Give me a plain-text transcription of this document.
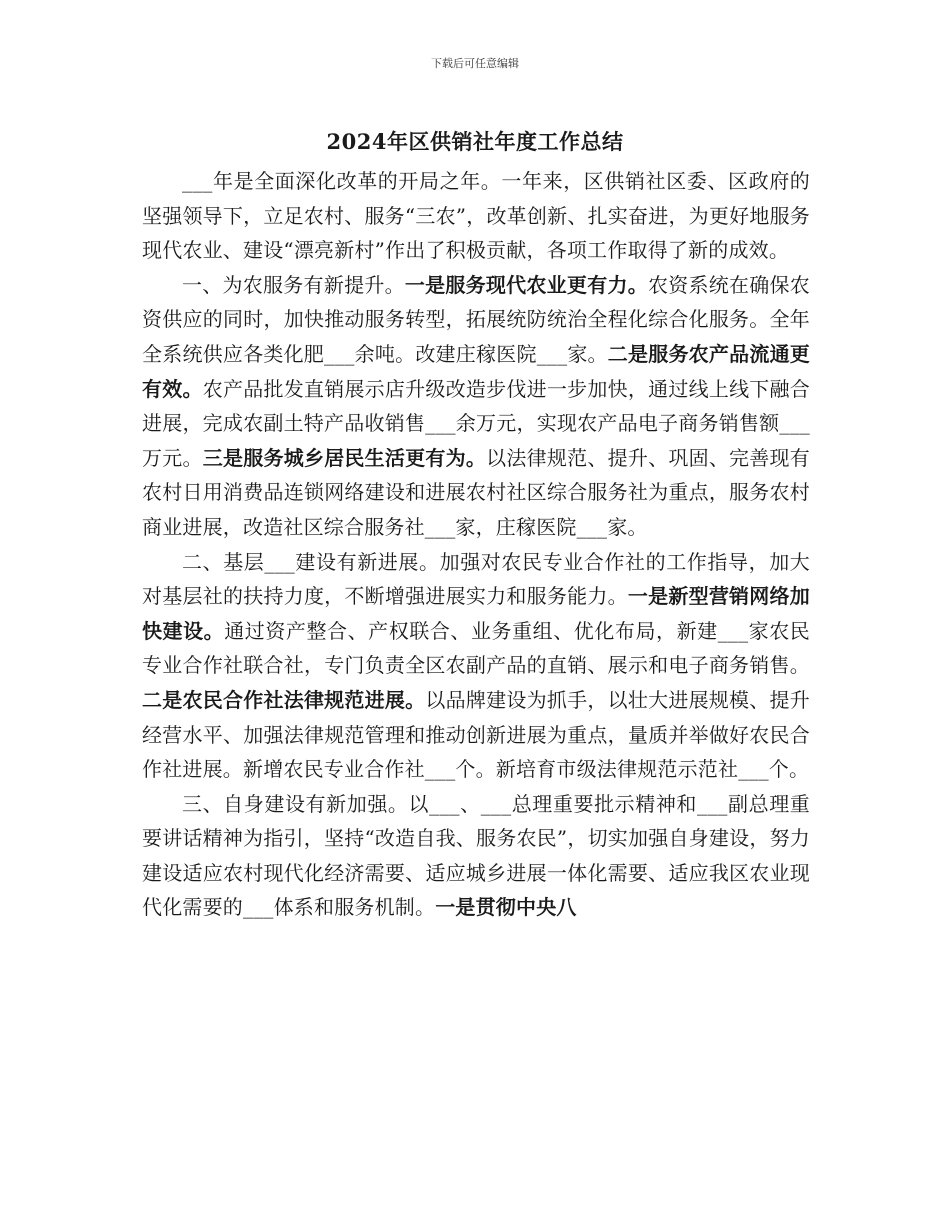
下载后可任意编辑
2024年区供销社年度工作总结

___年是全面深化改革的开局之年。一年来，区供销社区委、区政府的坚强领导下，立足农村、服务“三农”，改革创新、扎实奋进，为更好地服务现代农业、建设“漂亮新村”作出了积极贡献，各项工作取得了新的成效。

一、为农服务有新提升。一是服务现代农业更有力。农资系统在确保农资供应的同时，加快推动服务转型，拓展统防统治全程化综合化服务。全年全系统供应各类化肥___余吨。改建庄稼医院___家。二是服务农产品流通更有效。农产品批发直销展示店升级改造步伐进一步加快，通过线上线下融合进展，完成农副土特产品收销售___余万元，实现农产品电子商务销售额___万元。三是服务城乡居民生活更有为。以法律规范、提升、巩固、完善现有农村日用消费品连锁网络建设和进展农村社区综合服务社为重点，服务农村商业进展，改造社区综合服务社___家，庄稼医院___家。

二、基层___建设有新进展。加强对农民专业合作社的工作指导，加大对基层社的扶持力度，不断增强进展实力和服务能力。一是新型营销网络加快建设。通过资产整合、产权联合、业务重组、优化布局，新建___家农民专业合作社联合社，专门负责全区农副产品的直销、展示和电子商务销售。二是农民合作社法律规范进展。以品牌建设为抓手，以壮大进展规模、提升经营水平、加强法律规范管理和推动创新进展为重点，量质并举做好农民合作社进展。新增农民专业合作社___个。新培育市级法律规范示范社___个。

三、自身建设有新加强。以___、___总理重要批示精神和___副总理重要讲话精神为指引，坚持“改造自我、服务农民”，切实加强自身建设，努力建设适应农村现代化经济需要、适应城乡进展一体化需要、适应我区农业现代化需要的___体系和服务机制。一是贯彻中央八
